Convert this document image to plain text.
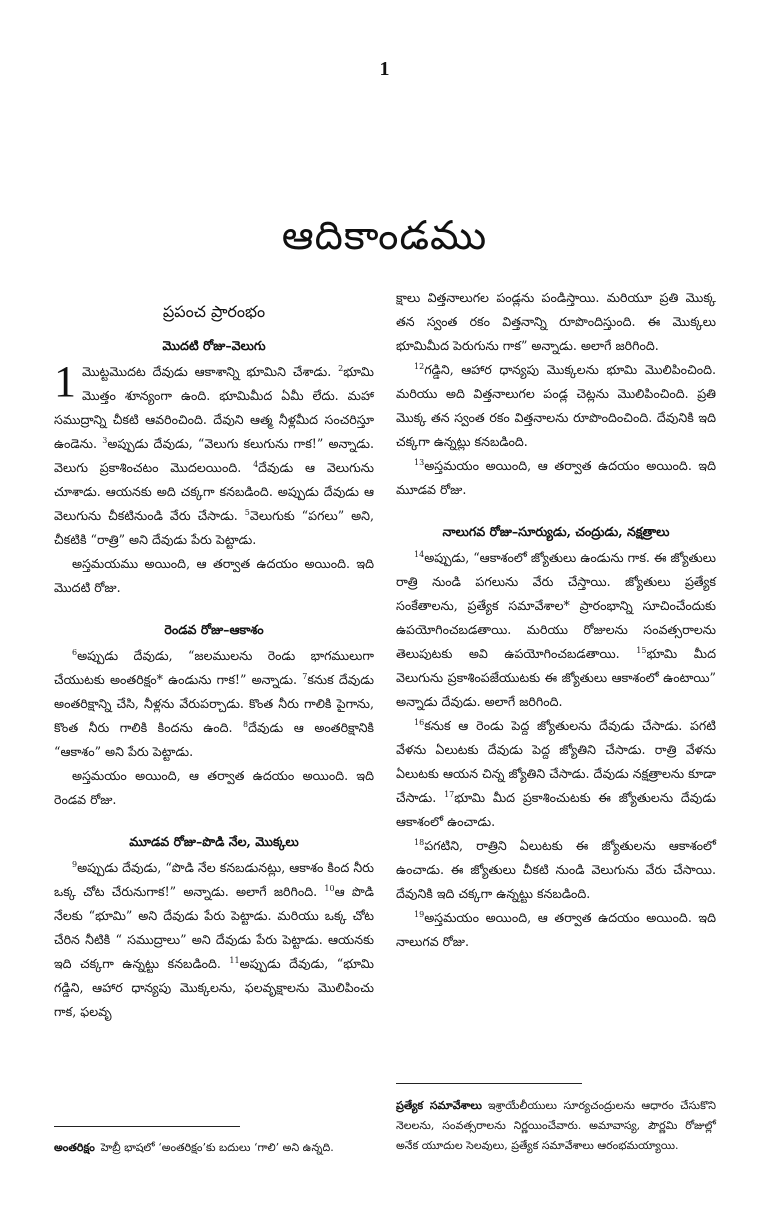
1
ఆదికాండము
ప్రపంచ ప్రారంభం
మొదటి రోజు–వెలుగు

1 మొట్టమొదట దేవుడు ఆకాశాన్ని భూమిని చేశాడు. $^2$భూమి మొత్తం శూన్యంగా ఉంది. భూమిమీద ఏమీ లేదు. మహా సముద్రాన్ని చీకటి ఆవరించింది. దేవుని ఆత్మ నీళ్లమీద సంచరిస్తూ ఉండెను. $^3$అప్పుడు దేవుడు, “వెలుగు కలుగును గాక!” అన్నాడు. వెలుగు ప్రకాశించటం మొదలయింది. $^4$దేవుడు ఆ వెలుగును చూశాడు. ఆయనకు అది చక్కగా కనబడింది. అప్పుడు దేవుడు ఆ వెలుగును చీకటినుండి వేరు చేసాడు. $^5$వెలుగుకు “పగలు” అని, చీకటికి “రాత్రి” అని దేవుడు పేరు పెట్టాడు.

అస్తమయము అయింది, ఆ తర్వాత ఉదయం అయింది. ఇది మొదటి రోజు.

రెండవ రోజు–ఆకాశం

$^6$అప్పుడు దేవుడు, “జలములను రెండు భాగములుగా చేయుటకు అంతరిక్షం* ఉండును గాక!” అన్నాడు. $^7$కనుక దేవుడు అంతరిక్షాన్ని చేసి, నీళ్లను వేరుపర్చాడు. కొంత నీరు గాలికి పైగాను, కొంత నీరు గాలికి కిందను ఉంది. $^8$దేవుడు ఆ అంతరిక్షానికి “ఆకాశం” అని పేరు పెట్టాడు.

అస్తమయం అయింది, ఆ తర్వాత ఉదయం అయింది. ఇది రెండవ రోజు.

మూడవ రోజు–పొడి నేల, మొక్కలు

$^9$అప్పుడు దేవుడు, “పొడి నేల కనబడునట్లు, ఆకాశం కింద నీరు ఒక్క చోట చేరునుగాక!” అన్నాడు. అలాగే జరిగింది. $^{10}$ఆ పొడి నేలకు “భూమి” అని దేవుడు పేరు పెట్టాడు. మరియు ఒక్క చోట చేరిన నీటికి “ సముద్రాలు” అని దేవుడు పేరు పెట్టాడు. ఆయనకు ఇది చక్కగా ఉన్నట్టు కనబడింది. $^{11}$అప్పుడు దేవుడు, “భూమి గడ్డిని, ఆహార ధాన్యపు మొక్కలను, ఫలవృక్షాలను మొలిపించు గాక, ఫలవృ

క్షాలు విత్తనాలుగల పండ్లను పండిస్తాయి. మరియూ ప్రతి మొక్క తన స్వంత రకం విత్తనాన్ని రూపొందిస్తుంది. ఈ మొక్కలు భూమిమీద పెరుగును గాక” అన్నాడు. అలాగే జరిగింది.

$^{12}$గడ్డిని, ఆహార ధాన్యపు మొక్కలను భూమి మొలిపించింది. మరియు అది విత్తనాలుగల పండ్ల చెట్లను మొలిపించింది. ప్రతి మొక్క తన స్వంత రకం విత్తనాలను రూపొందించింది. దేవునికి ఇది చక్కగా ఉన్నట్లు కనబడింది.

$^{13}$అస్తమయం అయింది, ఆ తర్వాత ఉదయం అయింది. ఇది మూడవ రోజు.

నాలుగవ రోజు–సూర్యుడు, చంద్రుడు, నక్షత్రాలు

$^{14}$అప్పుడు, “ఆకాశంలో జ్యోతులు ఉండును గాక. ఈ జ్యోతులు రాత్రి నుండి పగలును వేరు చేస్తాయి. జ్యోతులు ప్రత్యేక సంకేతాలను, ప్రత్యేక సమావేశాల* ప్రారంభాన్ని సూచించేందుకు ఉపయోగించబడతాయి. మరియు రోజులను సంవత్సరాలను తెలుపుటకు అవి ఉపయోగించబడతాయి. $^{15}$భూమి మీద వెలుగును ప్రకాశింపజేయుటకు ఈ జ్యోతులు ఆకాశంలో ఉంటాయి” అన్నాడు దేవుడు. అలాగే జరిగింది.

$^{16}$కనుక ఆ రెండు పెద్ద జ్యోతులను దేవుడు చేసాడు. పగటి వేళను ఏలుటకు దేవుడు పెద్ద జ్యోతిని చేసాడు. రాత్రి వేళను ఏలుటకు ఆయన చిన్న జ్యోతిని చేసాడు. దేవుడు నక్షత్రాలను కూడా చేసాడు. $^{17}$భూమి మీద ప్రకాశించుటకు ఈ జ్యోతులను దేవుడు ఆకాశంలో ఉంచాడు.

$^{18}$పగటిని, రాత్రిని ఏలుటకు ఈ జ్యోతులను ఆకాశంలో ఉంచాడు. ఈ జ్యోతులు చీకటి నుండి వెలుగును వేరు చేసాయి. దేవునికి ఇది చక్కగా ఉన్నట్టు కనబడింది.

$^{19}$అస్తమయం అయింది, ఆ తర్వాత ఉదయం అయింది. ఇది నాలుగవ రోజు.

అంతరిక్షం హెబ్రీ భాషలో ‘అంతరిక్షం’కు బదులు ‘గాలి’ అని ఉన్నది.
ప్రత్యేక సమావేశాలు ఇశ్రాయేలీయులు సూర్యచంద్రులను ఆధారం చేసుకొని నెలలను, సంవత్సరాలను నిర్ణయించేవారు. అమావాస్య, పౌర్ణమి రోజుల్లో అనేక యూదుల సెలవులు, ప్రత్యేక సమావేశాలు ఆరంభమయ్యాయి.
